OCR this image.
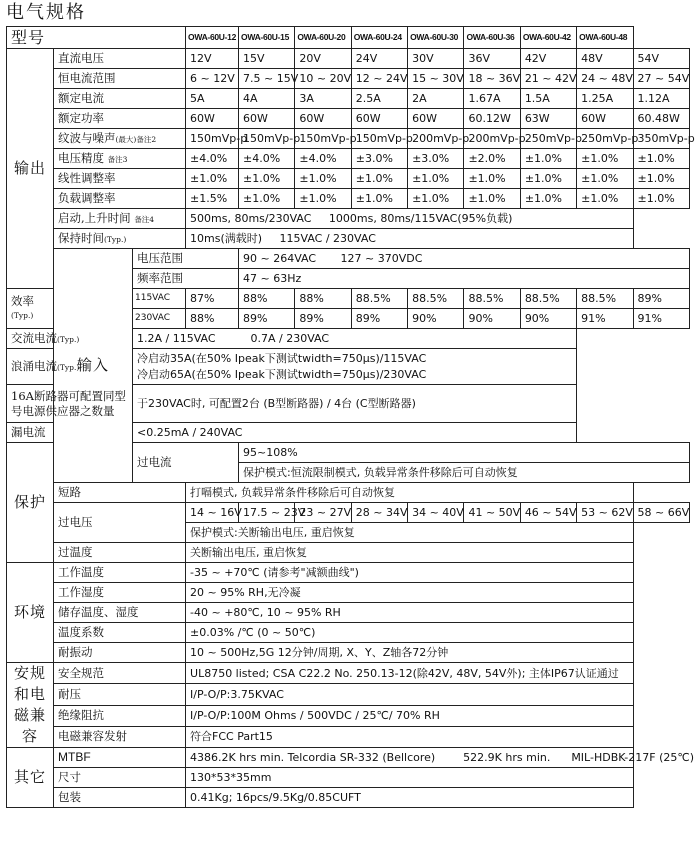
电气规格
型号			OWA-60U-12	OWA-60U-15	OWA-60U-20	OWA-60U-24	OWA-60U-30	OWA-60U-36	OWA-60U-42	OWA-60U-48	
输出	直流电压		12V	15V	20V	24V	30V	36V	42V	48V	54V
	恒电流范围		6 ~ 12V	7.5 ~ 15V	10 ~ 20V	12 ~ 24V	15 ~ 30V	18 ~ 36V	21 ~ 42V	24 ~ 48V	27 ~ 54V
	额定电流		5A	4A	3A	2.5A	2A	1.67A	1.5A	1.25A	1.12A
	额定功率		60W	60W	60W	60W	60W	60.12W	63W	60W	60.48W
	纹波与噪声(最大)备注2		150mVp-p	150mVp-p	150mVp-p	150mVp-p	200mVp-p	200mVp-p	250mVp-p	250mVp-p	350mVp-p
	电压精度 备注3		±4.0%	±4.0%	±4.0%	±3.0%	±3.0%	±2.0%	±1.0%	±1.0%	±1.0%
	线性调整率		±1.0%	±1.0%	±1.0%	±1.0%	±1.0%	±1.0%	±1.0%	±1.0%	±1.0%
	负载调整率		±1.5%	±1.0%	±1.0%	±1.0%	±1.0%	±1.0%	±1.0%	±1.0%	±1.0%
	启动,上升时间 备注4		500ms, 80ms/230VAC     1000ms, 80ms/115VAC(95%负载)								
	保持时间(Typ.)		10ms(满载时)     115VAC / 230VAC								
	输入	电压范围		90 ~ 264VAC       127 ~ 370VDC							
		频率范围		47 ~ 63Hz							
效率(Typ.)		115VAC	87%	88%	88%	88.5%	88.5%	88.5%	88.5%	88.5%	89%
		230VAC	88%	89%	89%	89%	90%	90%	90%	91%	91%
交流电流(Typ.)		1.2A / 115VAC          0.7A / 230VAC									
浪涌电流(Typ.)		冷启动35A(在50% Ipeak下测试twidth=750μs)/115VAC
冷启动65A(在50% Ipeak下测试twidth=750μs)/230VAC									

16A断路器可配置同型号电源供应器之数量		于230VAC时, 可配置2台 (B型断路器) / 4台 (C型断路器)									
漏电流		<0.25mA / 240VAC									
保护		过电流		95~108%							
				保护模式:恒流限制模式, 负载异常条件移除后可自动恢复							
	短路		打嗝模式, 负载异常条件移除后可自动恢复								
	过电压		14 ~ 16V	17.5 ~ 23V	23 ~ 27V	28 ~ 34V	34 ~ 40V	41 ~ 50V	46 ~ 54V	53 ~ 62V	58 ~ 66V
			保护模式:关断输出电压, 重启恢复								
	过温度		关断输出电压, 重启恢复								
环境	工作温度		-35 ~ +70℃ (请参考"减额曲线")								
	工作湿度		20 ~ 95% RH,无冷凝								
	储存温度、湿度		-40 ~ +80℃, 10 ~ 95% RH								
	温度系数		±0.03% /℃ (0 ~ 50℃)								
	耐振动		10 ~ 500Hz,5G 12分钟/周期, X、Y、Z轴各72分钟								
安规和电磁兼容	安全规范		UL8750 listed; CSA C22.2 No. 250.13-12(除42V, 48V, 54V外); 主体IP67认证通过								
	耐压		I/P-O/P:3.75KVAC								
	绝缘阻抗		I/P-O/P:100M Ohms / 500VDC / 25℃/ 70% RH								
	电磁兼容发射		符合FCC Part15								
其它	MTBF		4386.2K hrs min. Telcordia SR-332 (Bellcore)        522.9K hrs min.      MIL-HDBK-217F (25℃)								
	尺寸		130*53*35mm								
	包装		0.41Kg; 16pcs/9.5Kg/0.85CUFT								
